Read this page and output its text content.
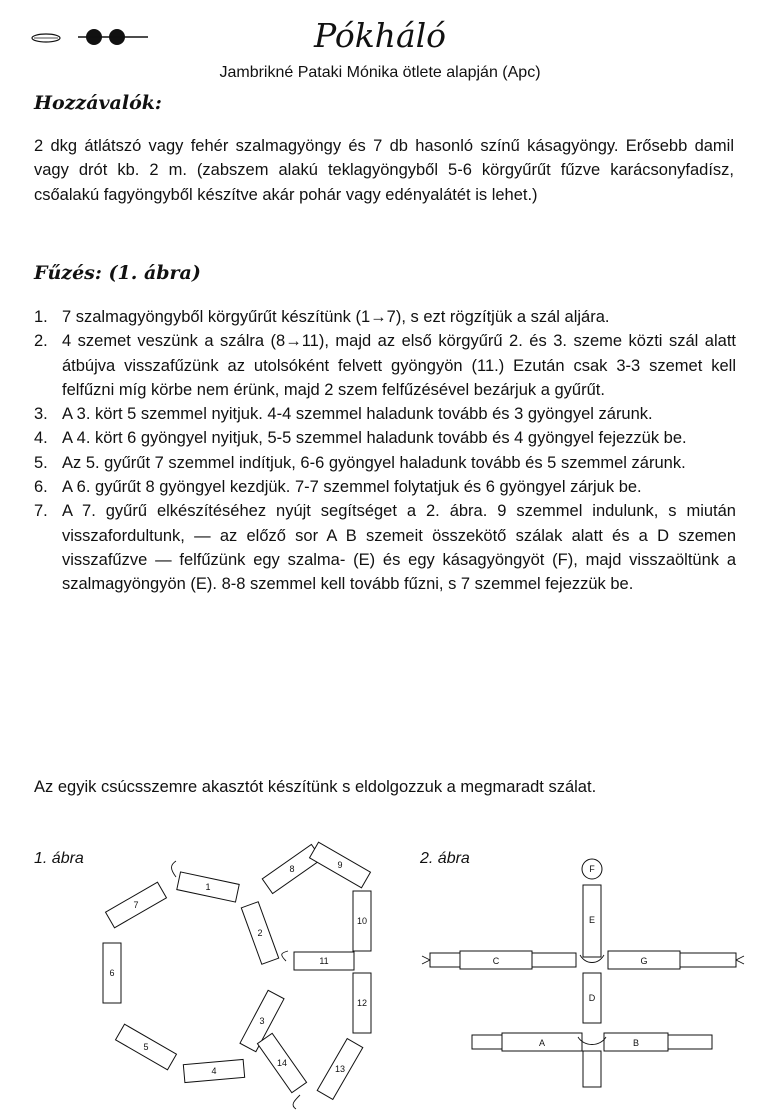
Pókháló

Jambrikné Pataki Mónika ötlete alapján (Apc)

Hozzávalók:

2 dkg átlátszó vagy fehér szalmagyöngy és 7 db hasonló színű kásagyöngy. Erősebb damil vagy drót kb. 2 m. (zabszem alakú teklagyöngyből 5-6 körgyűrűt fűzve karácsonyfadísz, csőalakú fagyöngyből készítve akár pohár vagy edényalátét is lehet.)

Fűzés: (1. ábra)
1. 7 szalmagyöngyből körgyűrűt készítünk (1→7), s ezt rögzítjük a szál aljára.
2. 4 szemet veszünk a szálra (8→11), majd az első körgyűrű 2. és 3. szeme közti szál alatt átbújva visszafűzünk az utolsóként felvett gyöngyön (11.) Ezután csak 3-3 szemet kell felfűzni míg körbe nem érünk, majd 2 szem felfűzésével bezárjuk a gyűrűt.
3. A 3. kört 5 szemmel nyitjuk. 4-4 szemmel haladunk tovább és 3 gyöngyel zárunk.
4. A 4. kört 6 gyöngyel nyitjuk, 5-5 szemmel haladunk tovább és 4 gyöngyel fejezzük be.
5. Az 5. gyűrűt 7 szemmel indítjuk, 6-6 gyöngyel haladunk tovább és 5 szemmel zárunk.
6. A 6. gyűrűt 8 gyöngyel kezdjük. 7-7 szemmel folytatjuk és 6 gyöngyel zárjuk be.
7. A 7. gyűrű elkészítéséhez nyújt segítséget a 2. ábra. 9 szemmel indulunk, s miután visszafordultunk, — az előző sor A B szemeit összekötő szálak alatt és a D szemen visszafűzve — felfűzünk egy szalma- (E) és egy kásagyöngyöt (F), majd visszaöltünk a szalmagyöngyön (E). 8-8 szemmel kell tovább fűzni, s 7 szemmel fejezzük be.

Az egyik csúcsszemre akasztót készítünk s eldolgozzuk a megmaradt szálat.

1. ábra	2. ábra
1
2
3
4
5
6
7
8	9
10
11
12
13
14
A	B
C
D
E
F
G
